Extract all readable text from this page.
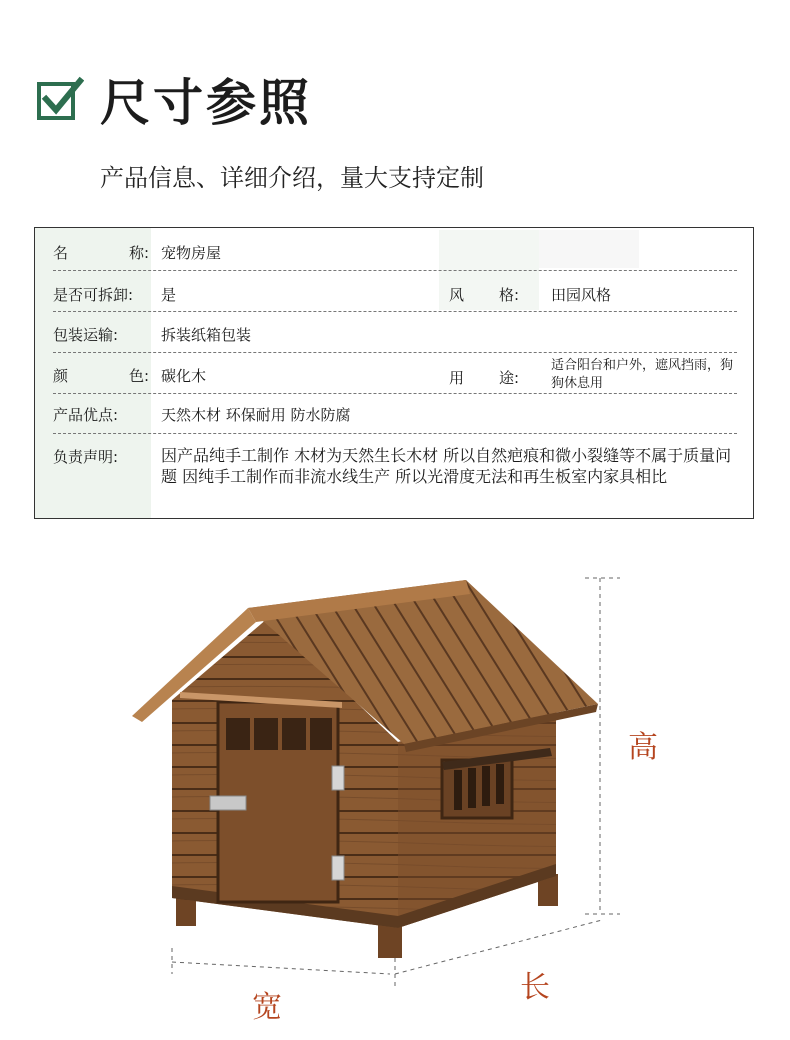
尺寸参照
产品信息、详细介绍，量大支持定制
名	称: 宠物房屋
是否可拆卸:	是	风 格: 田园风格
包装运输:	拆装纸箱包装
颜	色: 碳化木	用 途:
适合阳台和户外，遮风挡雨，狗狗休息用
产品优点:	天然木材 环保耐用 防水防腐
负责声明:	因产品纯手工制作 木材为天然生长木材 所以自然疤痕和微小裂缝等不属于质量问题 因纯手工制作而非流水线生产 所以光滑度无法和再生板室内家具相比
高
宽
长
